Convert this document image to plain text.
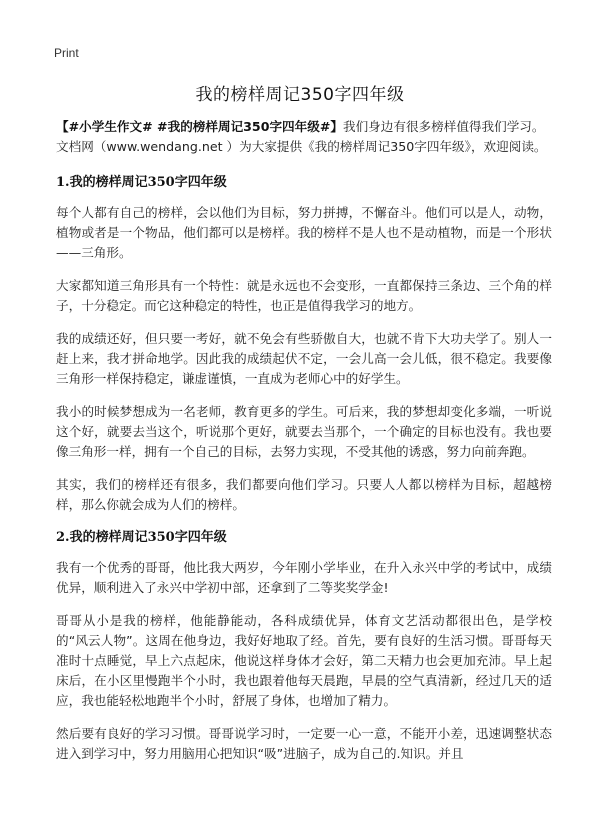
Print
我的榜样周记350字四年级

【#小学生作文# #我的榜样周记350字四年级#】我们身边有很多榜样值得我们学习。文档网（www.wendang.net ）为大家提供《我的榜样周记350字四年级》，欢迎阅读。

1.我的榜样周记350字四年级

每个人都有自己的榜样，会以他们为目标，努力拼搏，不懈奋斗。他们可以是人，动物，植物或者是一个物品，他们都可以是榜样。我的榜样不是人也不是动植物，而是一个形状——三角形。

大家都知道三角形具有一个特性：就是永远也不会变形，一直都保持三条边、三个角的样子，十分稳定。而它这种稳定的特性，也正是值得我学习的地方。

我的成绩还好，但只要一考好，就不免会有些骄傲自大，也就不肯下大功夫学了。别人一赶上来，我才拼命地学。因此我的成绩起伏不定，一会儿高一会儿低，很不稳定。我要像三角形一样保持稳定，谦虚谨慎，一直成为老师心中的好学生。

我小的时候梦想成为一名老师，教育更多的学生。可后来，我的梦想却变化多端，一听说这个好，就要去当这个，听说那个更好，就要去当那个，一个确定的目标也没有。我也要像三角形一样，拥有一个自己的目标，去努力实现，不受其他的诱惑，努力向前奔跑。

其实，我们的榜样还有很多，我们都要向他们学习。只要人人都以榜样为目标，超越榜样，那么你就会成为人们的榜样。

2.我的榜样周记350字四年级

我有一个优秀的哥哥，他比我大两岁，今年刚小学毕业，在升入永兴中学的考试中，成绩优异，顺利进入了永兴中学初中部，还拿到了二等奖奖学金!

哥哥从小是我的榜样，他能静能动，各科成绩优异，体育文艺活动都很出色，是学校的“风云人物”。这周在他身边，我好好地取了经。首先，要有良好的生活习惯。哥哥每天准时十点睡觉，早上六点起床，他说这样身体才会好，第二天精力也会更加充沛。早上起床后，在小区里慢跑半个小时，我也跟着他每天晨跑，早晨的空气真清新，经过几天的适应，我也能轻松地跑半个小时，舒展了身体，也增加了精力。

然后要有良好的学习习惯。哥哥说学习时，一定要一心一意，不能开小差，迅速调整状态进入到学习中，努力用脑用心把知识“吸”进脑子，成为自己的.知识。并且
